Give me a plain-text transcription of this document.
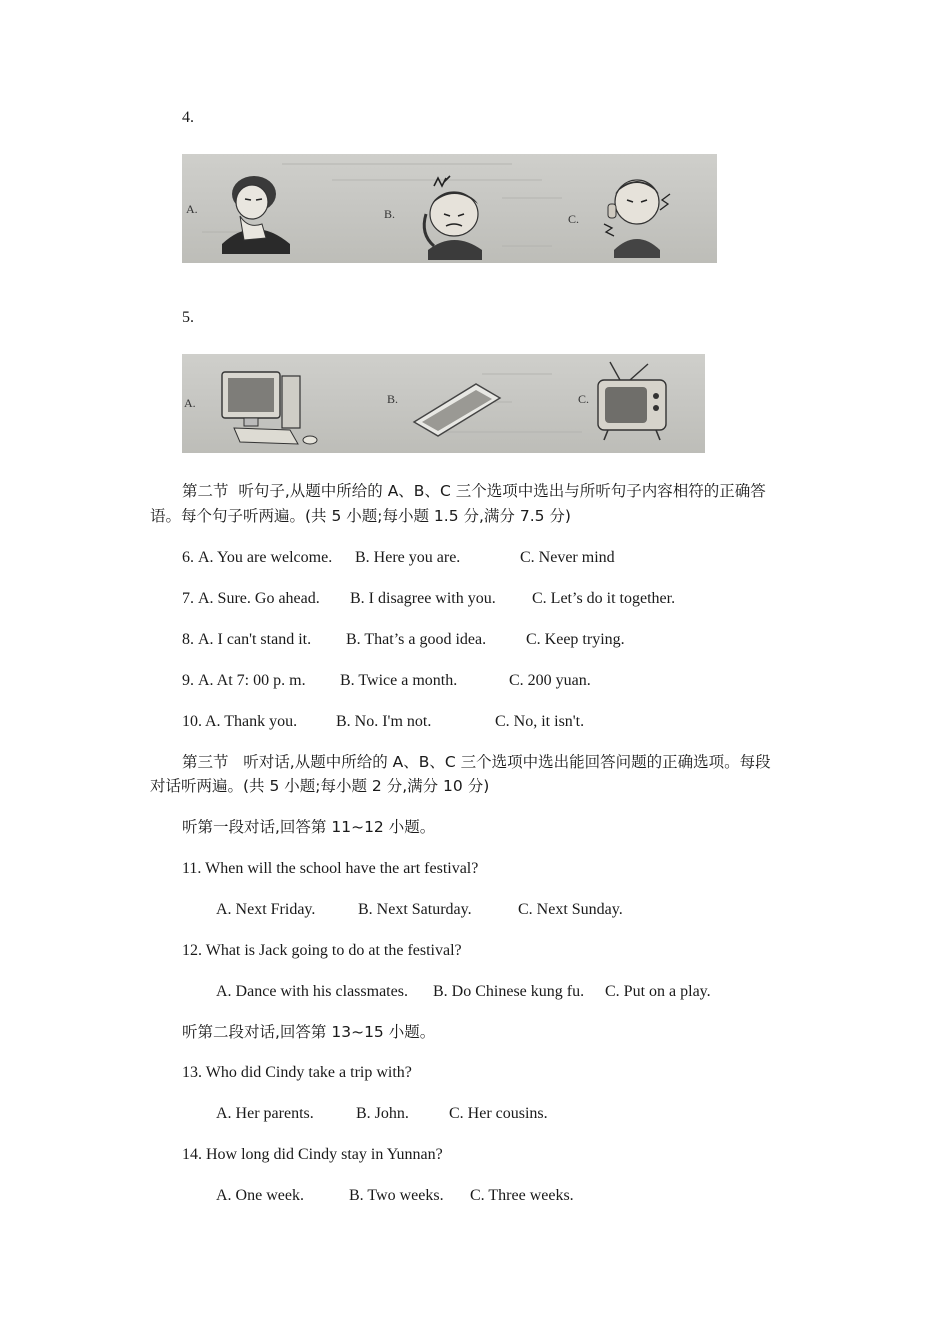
4.
A.	B.	C.
5.
A.	B.	C.
第二节  听句子,从题中所给的 A、B、C 三个选项中选出与所听句子内容相符的正确答
语。每个句子听两遍。(共 5 小题;每小题 1.5 分,满分 7.5 分)
6. A. You are welcome. B. Here you are.	C. Never mind
7. A. Sure. Go ahead. B. I disagree with you. C. Let’s do it together.
8. A. I can't stand it. B. That’s a good idea. C. Keep trying.
9. A. At 7: 00 p. m. B. Twice a month.	C. 200 yuan.
10. A. Thank you. B. No. I'm not.	C. No, it isn't.
第三节   听对话,从题中所给的 A、B、C 三个选项中选出能回答问题的正确选项。每段
对话听两遍。(共 5 小题;每小题 2 分,满分 10 分)
听第一段对话,回答第 11~12 小题。
11. When will the school have the art festival?
A. Next Friday.	B. Next Saturday.	C. Next Sunday.
12. What is Jack going to do at the festival?
A. Dance with his classmates. B. Do Chinese kung fu. C. Put on a play.
听第二段对话,回答第 13~15 小题。
13. Who did Cindy take a trip with?
A. Her parents.	B. John.	C. Her cousins.
14. How long did Cindy stay in Yunnan?
A. One week.	B. Two weeks. C. Three weeks.
